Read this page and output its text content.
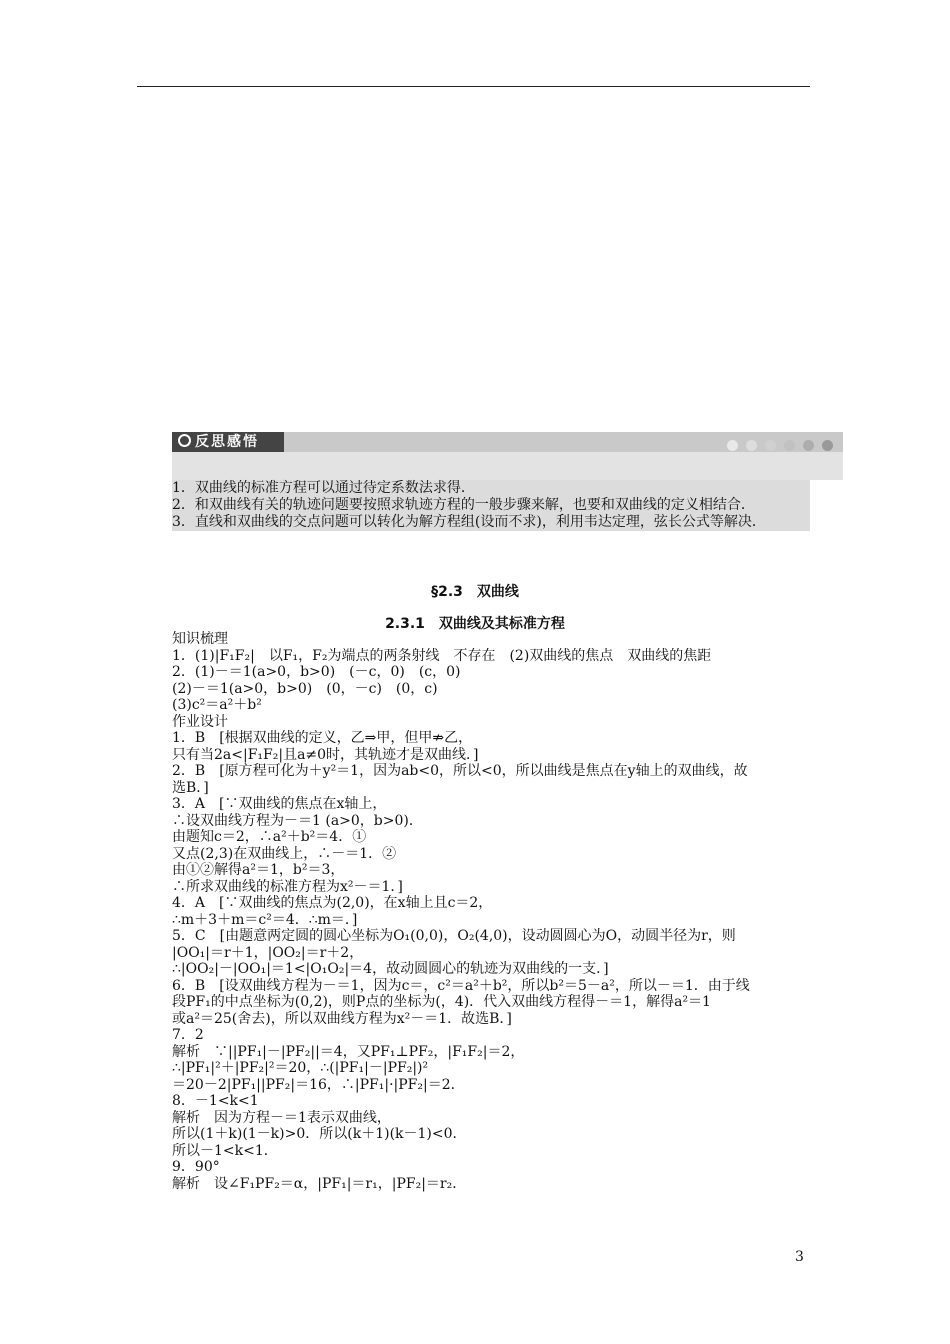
反思感悟

1．双曲线的标准方程可以通过待定系数法求得．

2．和双曲线有关的轨迹问题要按照求轨迹方程的一般步骤来解，也要和双曲线的定义相结合．

3．直线和双曲线的交点问题可以转化为解方程组(设而不求)，利用韦达定理，弦长公式等解决．

§2.3　双曲线
2.3.1　双曲线及其标准方程

知识梳理

1．(1)|F₁F₂|　以F₁，F₂为端点的两条射线　不存在　(2)双曲线的焦点　双曲线的焦距

2．(1)－＝1(a>0，b>0)　(－c，0)　(c，0)

(2)－＝1(a>0，b>0)　(0，－c)　(0，c)

(3)c²＝a²＋b²

作业设计

1．B　[根据双曲线的定义，乙⇒甲，但甲⇏乙，

只有当2a<|F₁F₂|且a≠0时，其轨迹才是双曲线．]

2．B　[原方程可化为＋y²＝1，因为ab<0，所以<0，所以曲线是焦点在y轴上的双曲线，故

选B．]

3．A　[∵双曲线的焦点在x轴上，

∴设双曲线方程为－＝1 (a>0，b>0)．

由题知c＝2，∴a²＋b²＝4．①

又点(2,3)在双曲线上，∴－＝1．②

由①②解得a²＝1，b²＝3，

∴所求双曲线的标准方程为x²－＝1．]

4．A　[∵双曲线的焦点为(2,0)，在x轴上且c＝2，

∴m＋3＋m＝c²＝4．∴m＝．]

5．C　[由题意两定圆的圆心坐标为O₁(0,0)，O₂(4,0)，设动圆圆心为O，动圆半径为r，则

|OO₁|＝r＋1，|OO₂|＝r＋2，

∴|OO₂|－|OO₁|＝1<|O₁O₂|＝4，故动圆圆心的轨迹为双曲线的一支．]

6．B　[设双曲线方程为－＝1，因为c＝，c²＝a²＋b²，所以b²＝5－a²，所以－＝1．由于线

段PF₁的中点坐标为(0,2)，则P点的坐标为(，4)．代入双曲线方程得－＝1，解得a²＝1

或a²＝25(舍去)，所以双曲线方程为x²－＝1．故选B．]

7．2

解析　∵||PF₁|－|PF₂||＝4，又PF₁⊥PF₂，|F₁F₂|＝2，

∴|PF₁|²＋|PF₂|²＝20，∴(|PF₁|－|PF₂|)²

＝20－2|PF₁||PF₂|＝16，∴|PF₁|·|PF₂|＝2．

8．－1<k<1

解析　因为方程－＝1表示双曲线，

所以(1＋k)(1－k)>0．所以(k＋1)(k－1)<0．

所以－1<k<1．

9．90°

解析　设∠F₁PF₂＝α，|PF₁|＝r₁，|PF₂|＝r₂．

3
